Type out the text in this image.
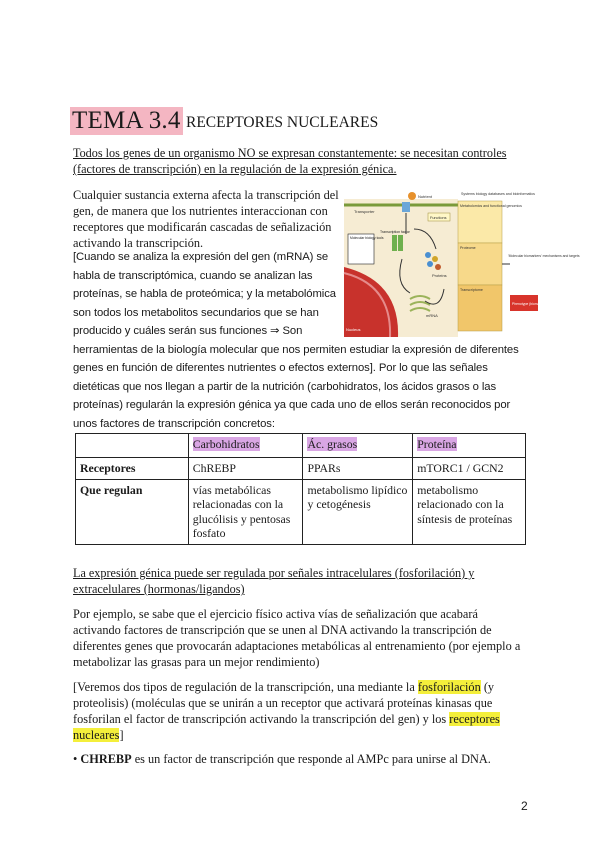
TEMA 3.4 RECEPTORES NUCLEARES
Todos los genes de un organismo NO se expresan constantemente: se necesitan controles (factores de transcripción) en la regulación de la expresión génica.
Cualquier sustancia externa afecta la transcripción del
gen, de manera que los nutrientes interaccionan con
receptores que modificarán cascadas de señalización
activando la transcripción.
[Cuando se analiza la expresión del gen (mRNA) se
habla de transcriptómica, cuando se analizan las
proteínas, se habla de proteómica; y la metabolómica
son todos los metabolitos secundarios que se han
producido y cuáles serán sus funciones ⇒ Son
herramientas de la biología molecular que nos permiten estudiar la expresión de diferentes
genes en función de diferentes nutrientes o efectos externos]. Por lo que las señales
dietéticas que nos llegan a partir de la nutrición (carbohidratos, los ácidos grasos o las
proteínas) regularán la expresión génica ya que cada uno de ellos serán reconocidos por
unos factores de transcripción concretos:
Nutrient
Transporter
Molecular biology tools
Transcription factor
Functions
Proteins
mRNA
Nucleus
Systems biology databases and bioinformatics
Metabolomics and functional genomics
Proteome
Transcriptome
'Molecular biomarkers' mechanisms and targets
Phenotype (biomarker)
	Carbohidratos	Ác. grasos	Proteína
Receptores	ChREBP	PPARs	mTORC1 / GCN2
Que regulan	vías metabólicas relacionadas con la glucólisis y pentosas fosfato	metabolismo lipídico y cetogénesis	metabolismo relacionado con la síntesis de proteínas
La expresión génica puede ser regulada por señales intracelulares (fosforilación) y extracelulares (hormonas/ligandos)
Por ejemplo, se sabe que el ejercicio físico activa vías de señalización que acabará activando factores de transcripción que se unen al DNA activando la transcripción de diferentes genes que provocarán adaptaciones metabólicas al entrenamiento (por ejemplo a metabolizar las grasas para un mejor rendimiento)
[Veremos dos tipos de regulación de la transcripción, una mediante la fosforilación (y proteolisis) (moléculas que se unirán a un receptor que activará proteínas kinasas que fosforilan el factor de transcripción activando la transcripción del gen) y los receptores nucleares]
• CHREBP es un factor de transcripción que responde al AMPc para unirse al DNA.
2
